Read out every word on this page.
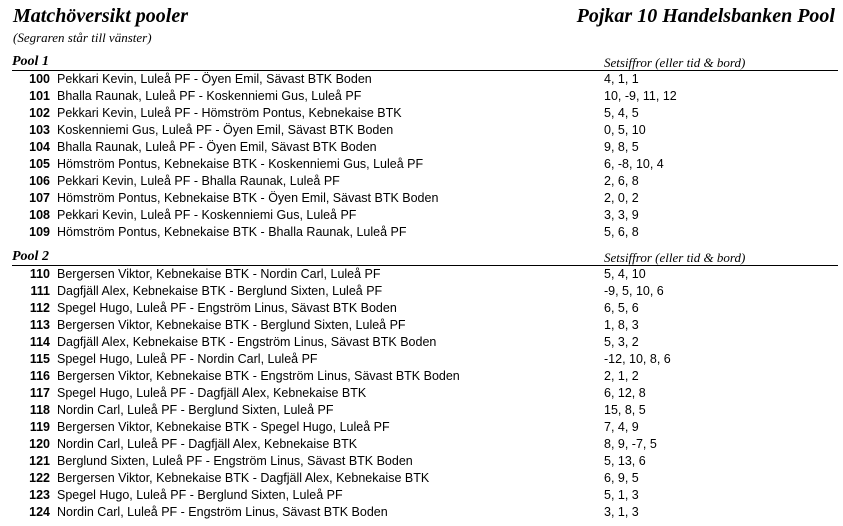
Matchöversikt pooler
(Segraren står till vänster)
Pojkar 10 Handelsbanken Pool
Pool 1	Setsiffror (eller tid & bord)
100 Pekkari Kevin, Luleå PF - Öyen Emil, Sävast BTK Boden	4, 1, 1
101 Bhalla Raunak, Luleå PF - Koskenniemi Gus, Luleå PF	10, -9, 11, 12
102 Pekkari Kevin, Luleå PF - Hömström Pontus, Kebnekaise BTK	5, 4, 5
103 Koskenniemi Gus, Luleå PF - Öyen Emil, Sävast BTK Boden	0, 5, 10
104 Bhalla Raunak, Luleå PF - Öyen Emil, Sävast BTK Boden	9, 8, 5
105 Hömström Pontus, Kebnekaise BTK - Koskenniemi Gus, Luleå PF	6, -8, 10, 4
106 Pekkari Kevin, Luleå PF - Bhalla Raunak, Luleå PF	2, 6, 8
107 Hömström Pontus, Kebnekaise BTK - Öyen Emil, Sävast BTK Boden	2, 0, 2
108 Pekkari Kevin, Luleå PF - Koskenniemi Gus, Luleå PF	3, 3, 9
109 Hömström Pontus, Kebnekaise BTK - Bhalla Raunak, Luleå PF	5, 6, 8
Pool 2	Setsiffror (eller tid & bord)
110 Bergersen Viktor, Kebnekaise BTK - Nordin Carl, Luleå PF	5, 4, 10
111 Dagfjäll Alex, Kebnekaise BTK - Berglund Sixten, Luleå PF	-9, 5, 10, 6
112 Spegel Hugo, Luleå PF - Engström Linus, Sävast BTK Boden	6, 5, 6
113 Bergersen Viktor, Kebnekaise BTK - Berglund Sixten, Luleå PF	1, 8, 3
114 Dagfjäll Alex, Kebnekaise BTK - Engström Linus, Sävast BTK Boden	5, 3, 2
115 Spegel Hugo, Luleå PF - Nordin Carl, Luleå PF	-12, 10, 8, 6
116 Bergersen Viktor, Kebnekaise BTK - Engström Linus, Sävast BTK Boden	2, 1, 2
117 Spegel Hugo, Luleå PF - Dagfjäll Alex, Kebnekaise BTK	6, 12, 8
118 Nordin Carl, Luleå PF - Berglund Sixten, Luleå PF	15, 8, 5
119 Bergersen Viktor, Kebnekaise BTK - Spegel Hugo, Luleå PF	7, 4, 9
120 Nordin Carl, Luleå PF - Dagfjäll Alex, Kebnekaise BTK	8, 9, -7, 5
121 Berglund Sixten, Luleå PF - Engström Linus, Sävast BTK Boden	5, 13, 6
122 Bergersen Viktor, Kebnekaise BTK - Dagfjäll Alex, Kebnekaise BTK	6, 9, 5
123 Spegel Hugo, Luleå PF - Berglund Sixten, Luleå PF	5, 1, 3
124 Nordin Carl, Luleå PF - Engström Linus, Sävast BTK Boden	3, 1, 3
